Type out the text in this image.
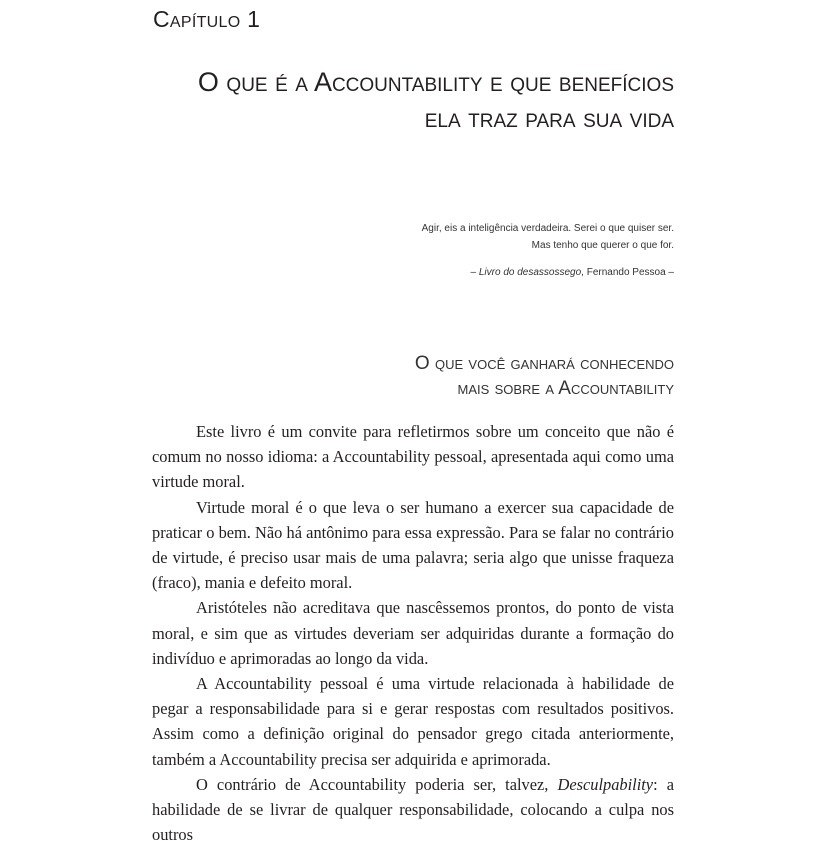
Capítulo 1
O que é a Accountability e que benefícios
ela traz para sua vida
Agir, eis a inteligência verdadeira. Serei o que quiser ser.
Mas tenho que querer o que for.
– Livro do desassossego, Fernando Pessoa –
O que você ganhará conhecendo
mais sobre a Accountability

Este livro é um convite para refletirmos sobre um conceito que não é comum no nosso idioma: a Accountability pessoal, apresentada aqui como uma virtude moral.

Virtude moral é o que leva o ser humano a exercer sua capacidade de praticar o bem. Não há antônimo para essa expressão. Para se falar no contrário de virtude, é preciso usar mais de uma palavra; seria algo que unisse fraqueza (fraco), mania e defeito moral.

Aristóteles não acreditava que nascêssemos prontos, do ponto de vista moral, e sim que as virtudes deveriam ser adquiridas durante a formação do indivíduo e aprimoradas ao longo da vida.

A Accountability pessoal é uma virtude relacionada à habilidade de pegar a responsabilidade para si e gerar respostas com resultados positivos. Assim como a definição original do pensador grego citada anteriormente, também a Accountability precisa ser adquirida e aprimorada.

O contrário de Accountability poderia ser, talvez, Desculpability: a habilidade de se livrar de qualquer responsabilidade, colocando a culpa nos outros
